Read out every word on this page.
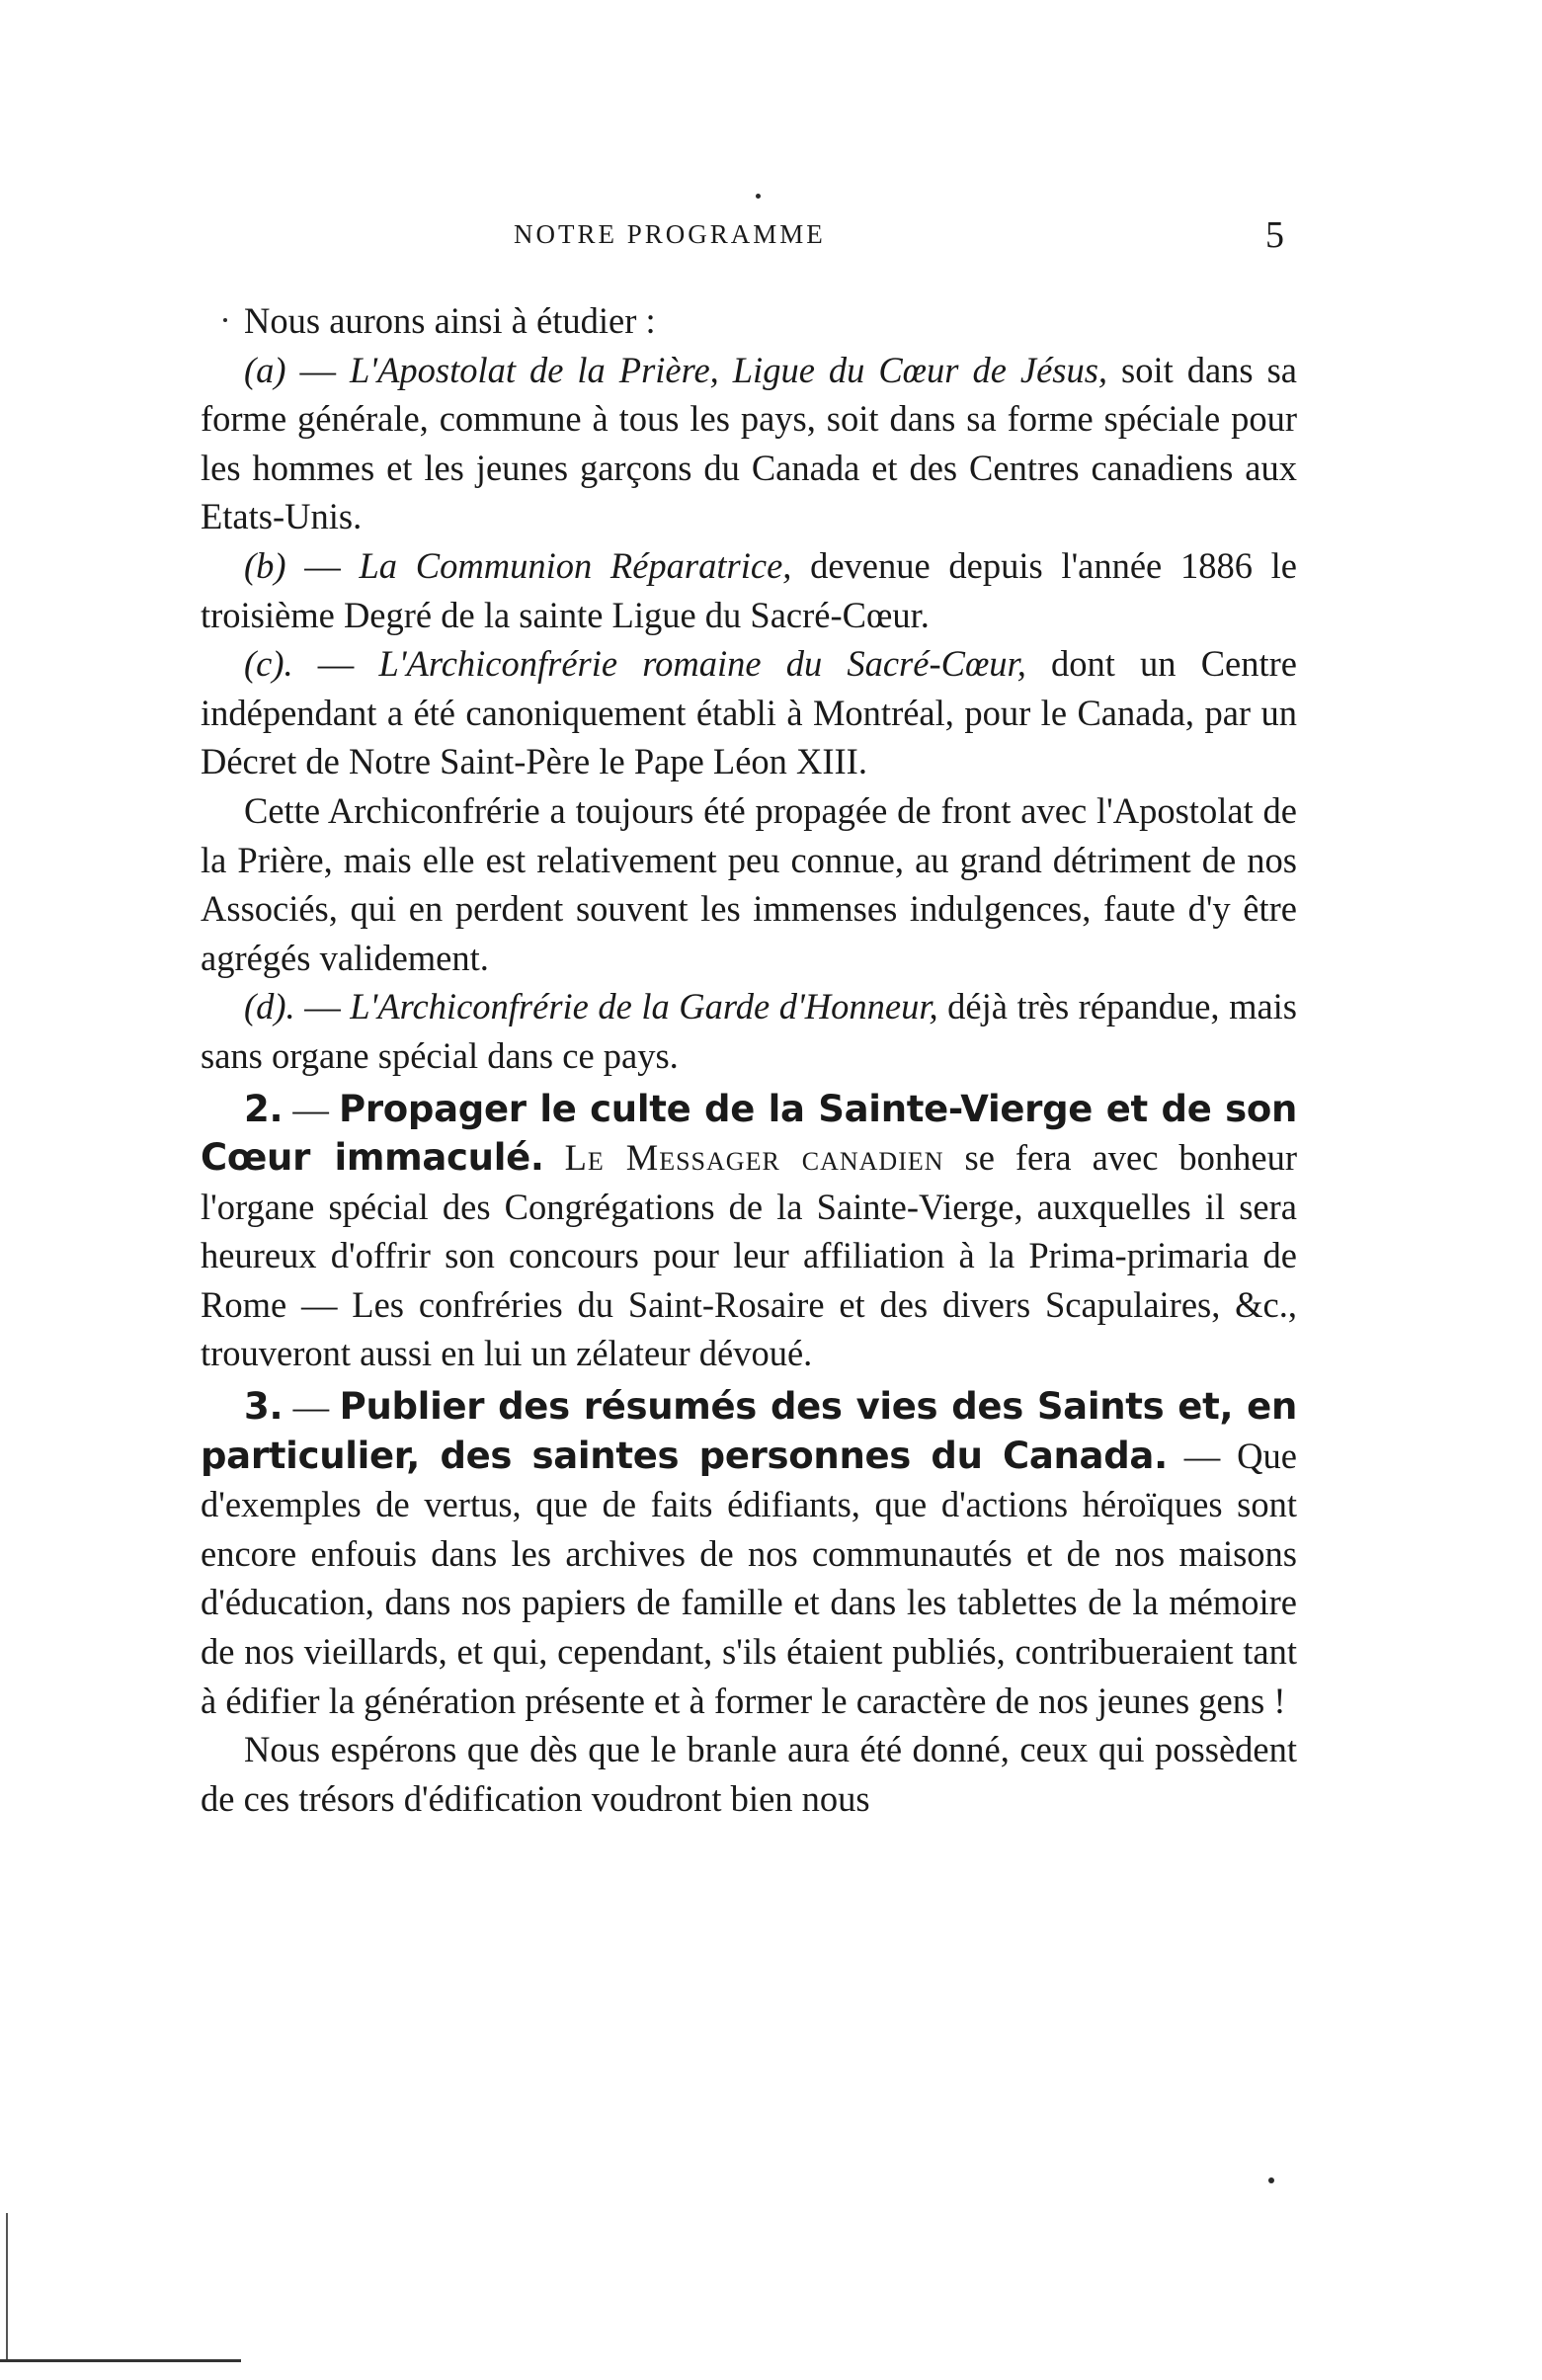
NOTRE PROGRAMME	5

Nous aurons ainsi à étudier :

(a) — L'Apostolat de la Prière, Ligue du Cœur de Jésus, soit dans sa forme générale, commune à tous les pays, soit dans sa forme spéciale pour les hommes et les jeunes garçons du Canada et des Centres canadiens aux Etats-Unis.

(b) — La Communion Réparatrice, devenue depuis l'année 1886 le troisième Degré de la sainte Ligue du Sacré-Cœur.

(c). — L'Archiconfrérie romaine du Sacré-Cœur, dont un Centre indépendant a été canoniquement établi à Montréal, pour le Canada, par un Décret de Notre Saint-Père le Pape Léon XIII.

Cette Archiconfrérie a toujours été propagée de front avec l'Apostolat de la Prière, mais elle est relativement peu connue, au grand détriment de nos Associés, qui en perdent souvent les immenses indulgences, faute d'y être agrégés validement.

(d). — L'Archiconfrérie de la Garde d'Honneur, déjà très répandue, mais sans organe spécial dans ce pays.

2. — Propager le culte de la Sainte-Vierge et de son Cœur immaculé. Le Messager canadien se fera avec bonheur l'organe spécial des Congrégations de la Sainte-Vierge, auxquelles il sera heureux d'offrir son concours pour leur affiliation à la Prima-primaria de Rome — Les confréries du Saint-Rosaire et des divers Scapulaires, &c., trouveront aussi en lui un zélateur dévoué.

3. — Publier des résumés des vies des Saints et, en particulier, des saintes personnes du Canada. — Que d'exemples de vertus, que de faits édifiants, que d'actions héroïques sont encore enfouis dans les archives de nos communautés et de nos maisons d'éducation, dans nos papiers de famille et dans les tablettes de la mémoire de nos vieillards, et qui, cependant, s'ils étaient publiés, contribueraient tant à édifier la génération présente et à former le caractère de nos jeunes gens !

Nous espérons que dès que le branle aura été donné, ceux qui possèdent de ces trésors d'édification voudront bien nous
